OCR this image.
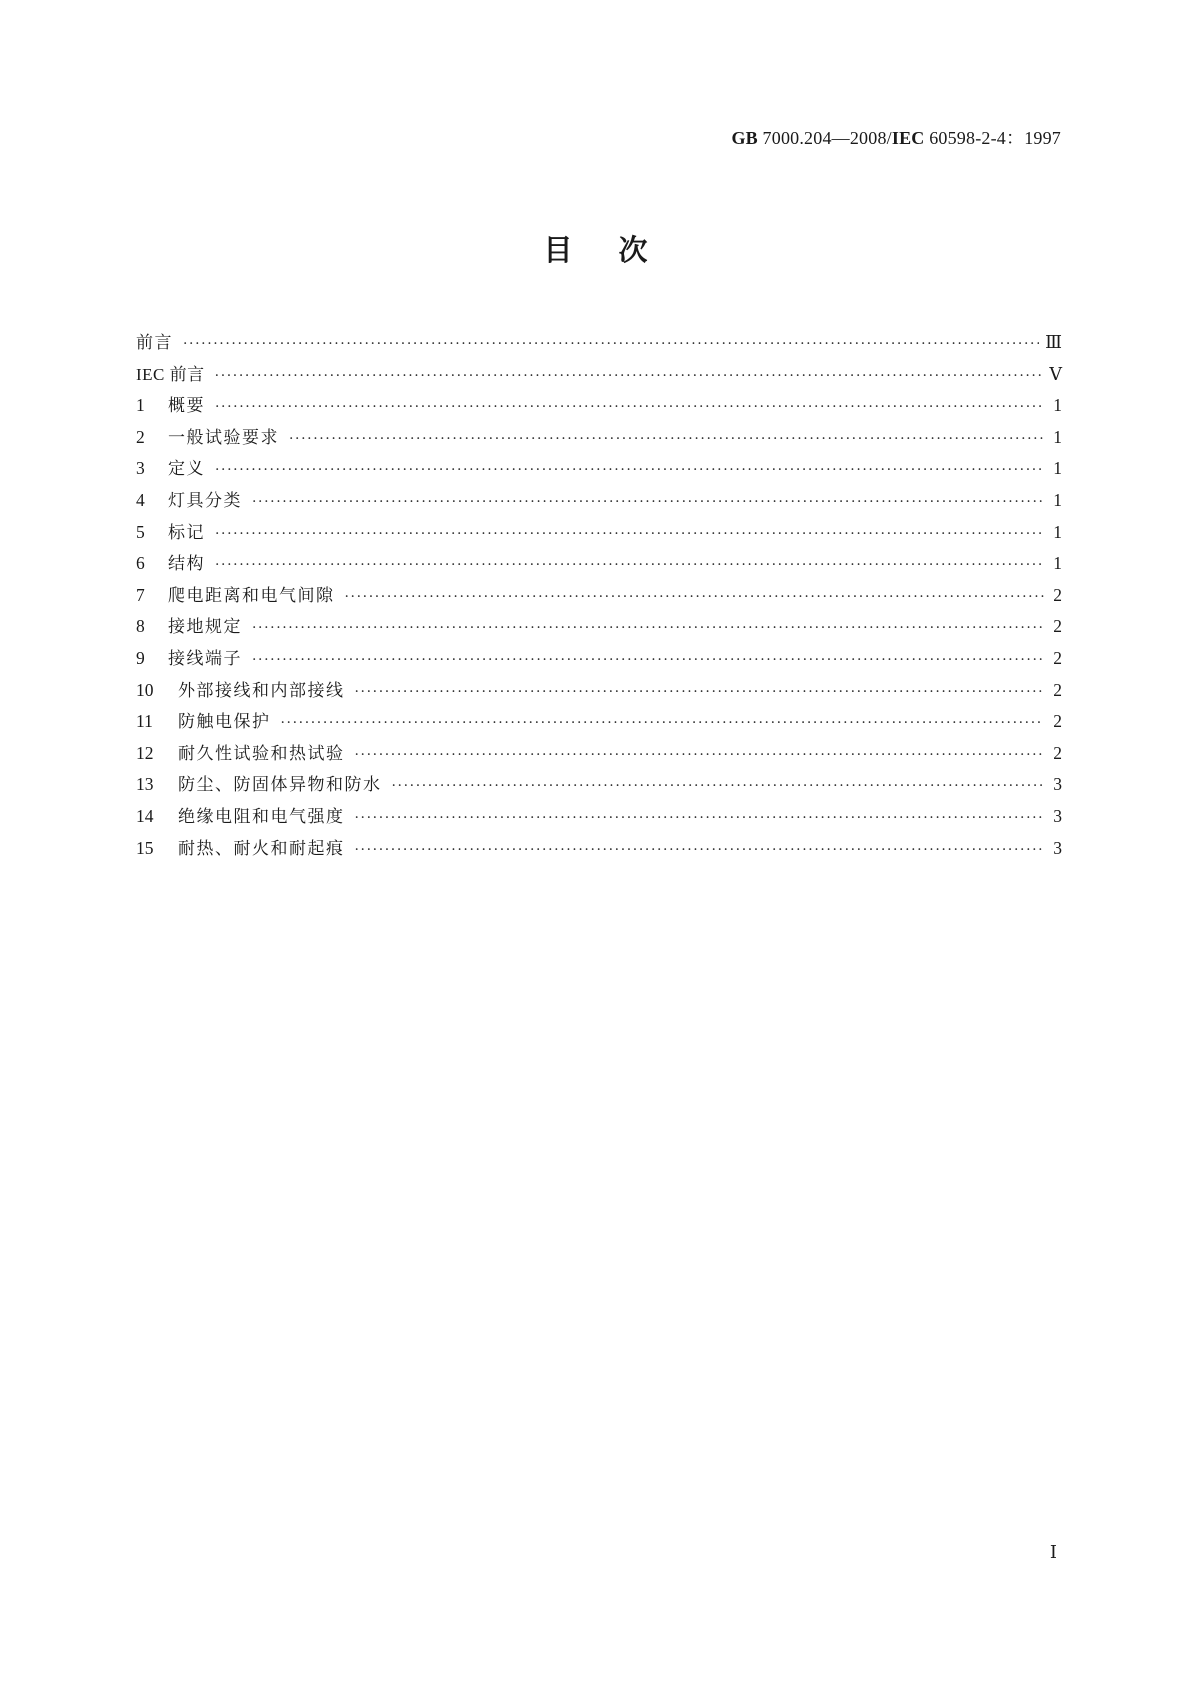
GB 7000.204—2008/IEC 60598-2-4：1997
目次
前言 ·····	Ⅲ
IEC 前言 ·····	Ⅴ
1	概要 ·····	1
2	一般试验要求 ·····	1
3	定义 ·····	1
4	灯具分类 ·····	1
5	标记 ·····	1
6	结构 ·····	1
7	爬电距离和电气间隙 ·····	2
8	接地规定 ·····	2
9	接线端子 ·····	2
10	外部接线和内部接线 ·····	2
11	防触电保护 ·····	2
12	耐久性试验和热试验 ·····	2
13	防尘、防固体异物和防水 ·····	3
14	绝缘电阻和电气强度 ·····	3
15	耐热、耐火和耐起痕 ·····	3
Ⅰ
